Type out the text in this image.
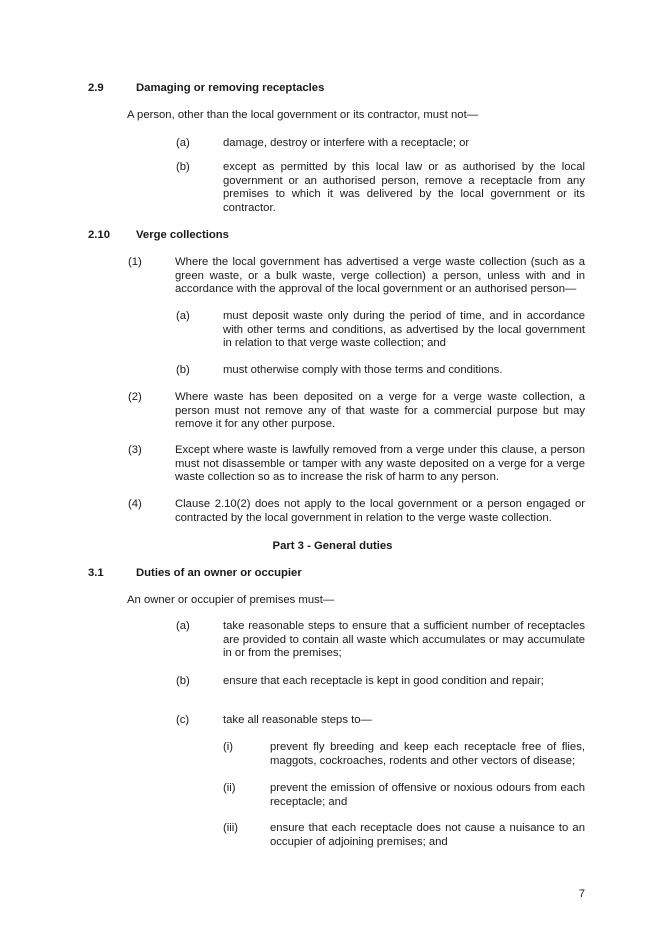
2.9	Damaging or removing receptacles
A person, other than the local government or its contractor, must not—
(a)	damage, destroy or interfere with a receptacle; or
(b)	except as permitted by this local law or as authorised by the local government or an authorised person, remove a receptacle from any premises to which it was delivered by the local government or its contractor.
2.10 Verge collections
(1)	Where the local government has advertised a verge waste collection (such as a green waste, or a bulk waste, verge collection) a person, unless with and in accordance with the approval of the local government or an authorised person—
(a)	must deposit waste only during the period of time, and in accordance with other terms and conditions, as advertised by the local government in relation to that verge waste collection; and
(b)	must otherwise comply with those terms and conditions.
(2)	Where waste has been deposited on a verge for a verge waste collection, a person must not remove any of that waste for a commercial purpose but may remove it for any other purpose.
(3)	Except where waste is lawfully removed from a verge under this clause, a person must not disassemble or tamper with any waste deposited on a verge for a verge waste collection so as to increase the risk of harm to any person.
(4)	Clause 2.10(2) does not apply to the local government or a person engaged or contracted by the local government in relation to the verge waste collection.
Part 3 - General duties
3.1	Duties of an owner or occupier
An owner or occupier of premises must—
(a)	take reasonable steps to ensure that a sufficient number of receptacles are provided to contain all waste which accumulates or may accumulate in or from the premises;
(b)	ensure that each receptacle is kept in good condition and repair;
(c)	take all reasonable steps to—
(i)	prevent fly breeding and keep each receptacle free of flies, maggots, cockroaches, rodents and other vectors of disease;
(ii)	prevent the emission of offensive or noxious odours from each receptacle; and
(iii)	ensure that each receptacle does not cause a nuisance to an occupier of adjoining premises; and
7
